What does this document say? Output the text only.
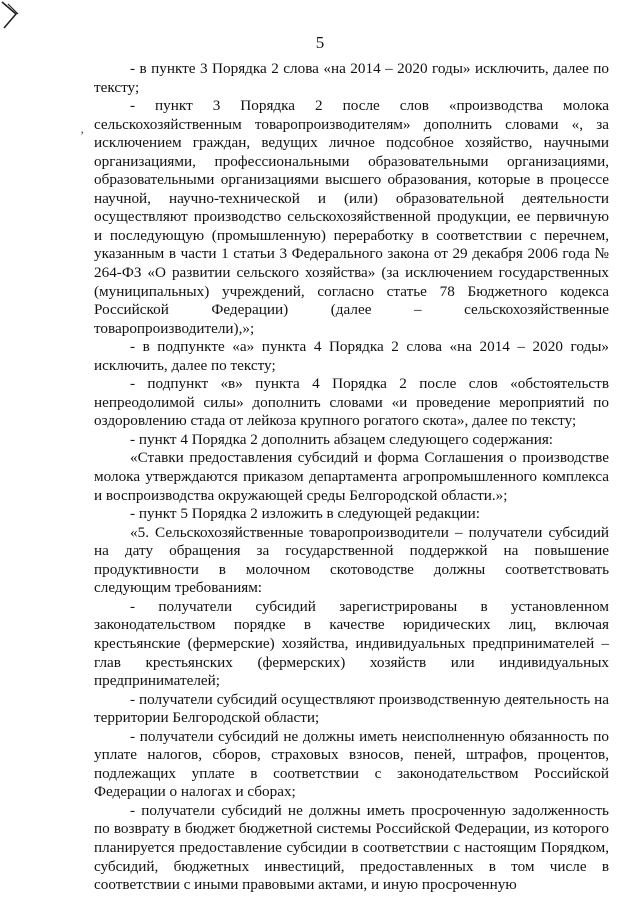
‚
5

- в пункте 3 Порядка 2 слова «на 2014 – 2020 годы» исключить, далее по тексту;

- пункт 3 Порядка 2 после слов «производства молока сельскохозяйственным товаропроизводителям» дополнить словами «, за исключением граждан, ведущих личное подсобное хозяйство, научными организациями, профессиональными образовательными организациями, образовательными организациями высшего образования, которые в процессе научной, научно-технической и (или) образовательной деятельности осуществляют производство сельскохозяйственной продукции, ее первичную и последующую (промышленную) переработку в соответствии с перечнем, указанным в части 1 статьи 3 Федерального закона от 29 декабря 2006 года № 264-ФЗ «О развитии сельского хозяйства» (за исключением государственных (муниципальных) учреждений, согласно статье 78 Бюджетного кодекса Российской Федерации) (далее – сельскохозяйственные товаропроизводители),»;

- в подпункте «а» пункта 4 Порядка 2 слова «на 2014 – 2020 годы» исключить, далее по тексту;

- подпункт «в» пункта 4 Порядка 2 после слов «обстоятельств непреодолимой силы» дополнить словами «и проведение мероприятий по оздоровлению стада от лейкоза крупного рогатого скота», далее по тексту;

- пункт 4 Порядка 2 дополнить абзацем следующего содержания:

«Ставки предоставления субсидий и форма Соглашения о производстве молока утверждаются приказом департамента агропромышленного комплекса и воспроизводства окружающей среды Белгородской области.»;

- пункт 5 Порядка 2 изложить в следующей редакции:

«5. Сельскохозяйственные товаропроизводители – получатели субсидий на дату обращения за государственной поддержкой на повышение продуктивности в молочном скотоводстве должны соответствовать следующим требованиям:

- получатели субсидий зарегистрированы в установленном законодательством порядке в качестве юридических лиц, включая крестьянские (фермерские) хозяйства, индивидуальных предпринимателей – глав крестьянских (фермерских) хозяйств или индивидуальных предпринимателей;

- получатели субсидий осуществляют производственную деятельность на территории Белгородской области;

- получатели субсидий не должны иметь неисполненную обязанность по уплате налогов, сборов, страховых взносов, пеней, штрафов, процентов, подлежащих уплате в соответствии с законодательством Российской Федерации о налогах и сборах;

- получатели субсидий не должны иметь просроченную задолженность по возврату в бюджет бюджетной системы Российской Федерации, из которого планируется предоставление субсидии в соответствии с настоящим Порядком, субсидий, бюджетных инвестиций, предоставленных в том числе в соответствии с иными правовыми актами, и иную просроченную
